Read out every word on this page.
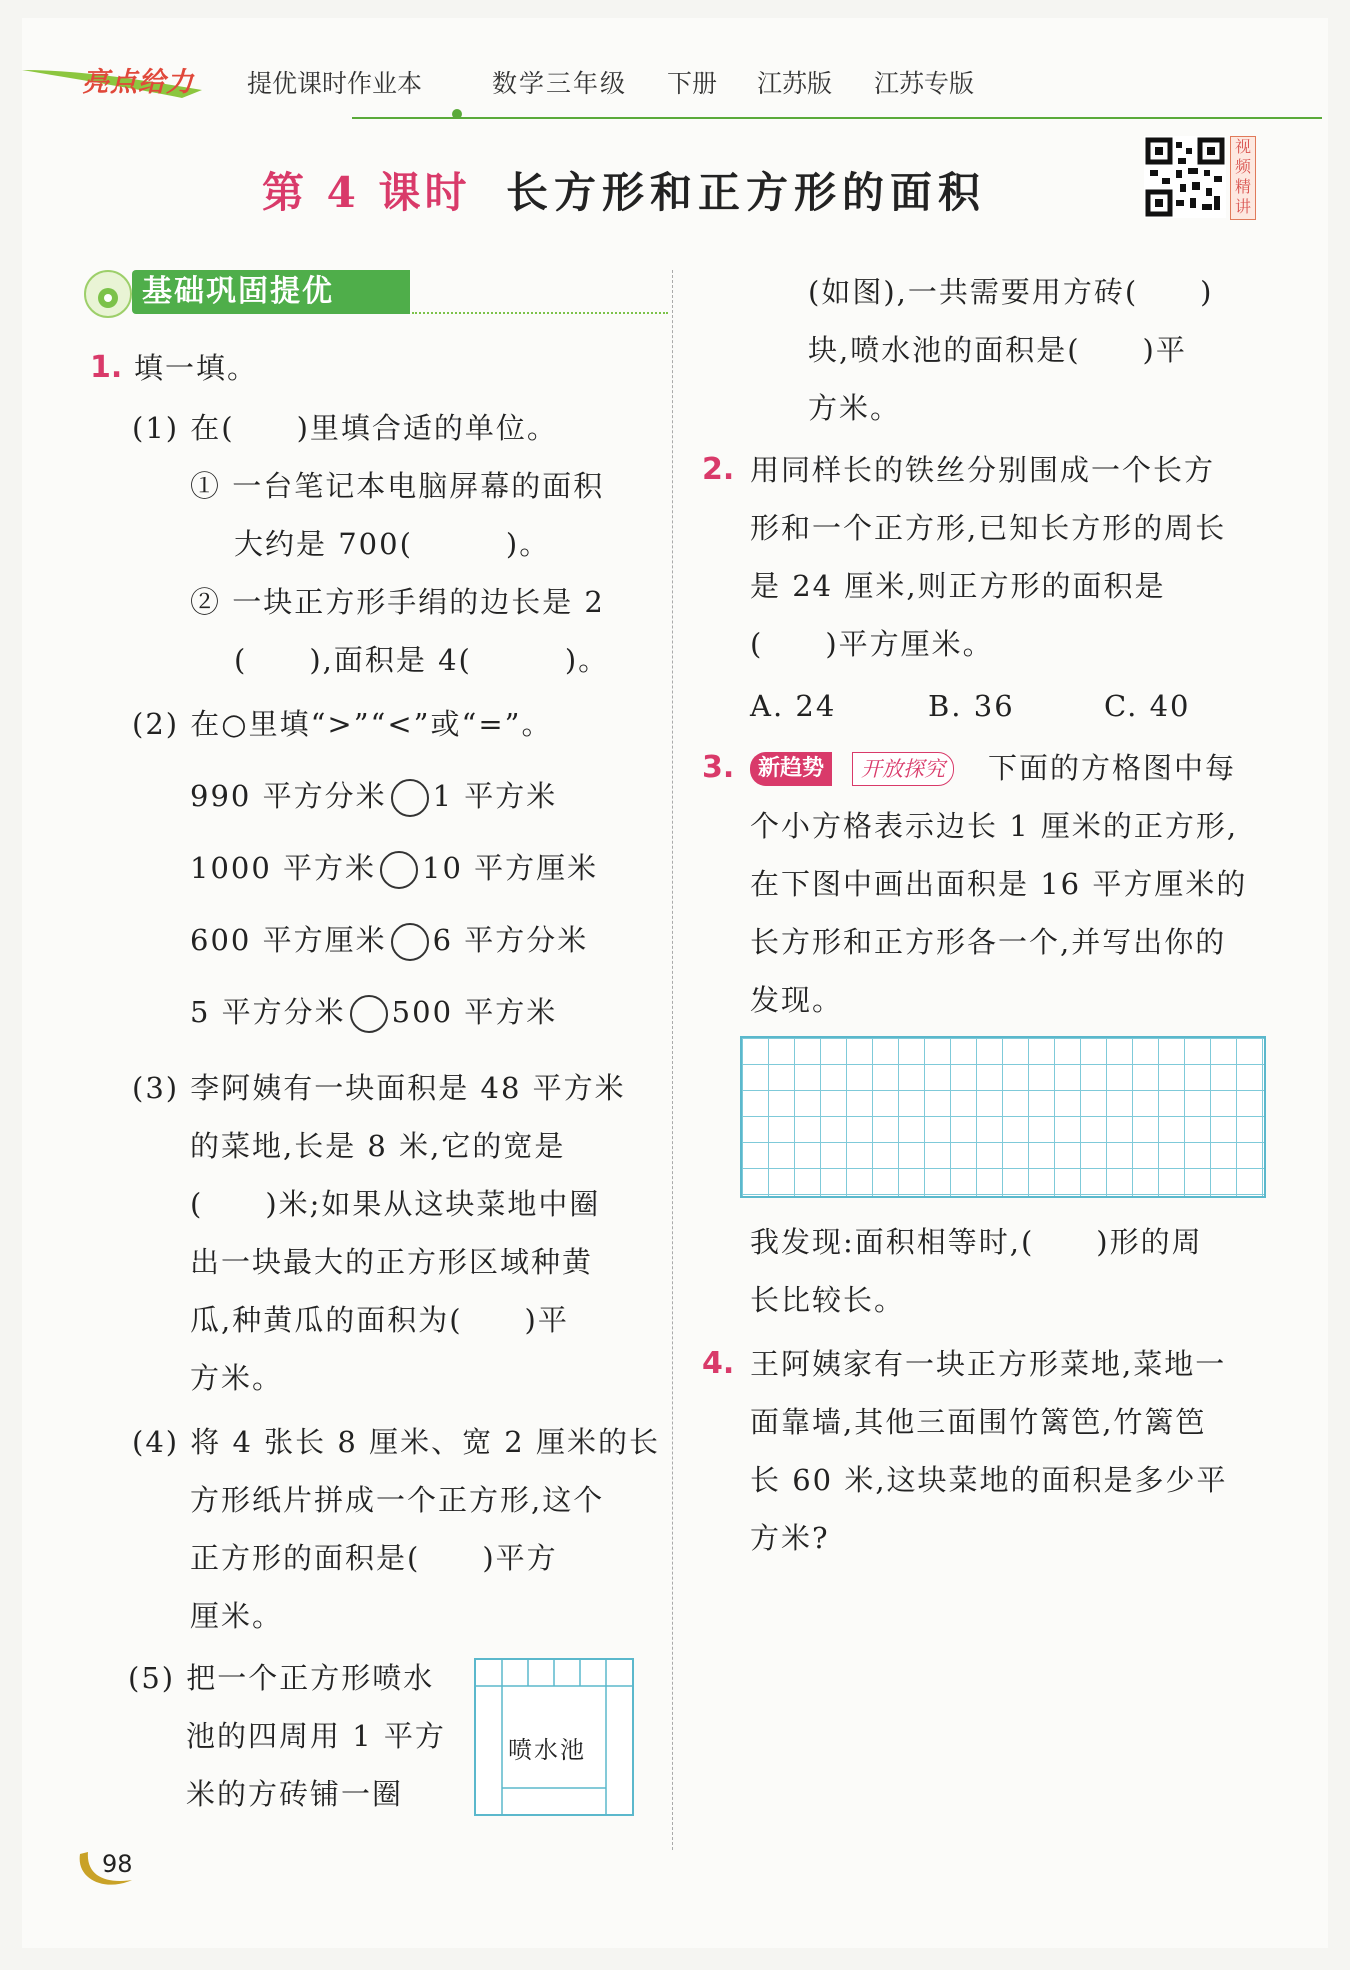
亮点给力 提优课时作业本	数学三年级 下册 江苏版 江苏专版
第 4 课时 长方形和正方形的面积
视频精讲
基础巩固提优
1. 填一填。
(1) 在(　　)里填合适的单位。
① 一台笔记本电脑屏幕的面积
大约是 700(　　　)。
② 一块正方形手绢的边长是 2
(　　),面积是 4(　　　)。
(2) 在○里填“>”“<”或“=”。
990 平方分米 1 平方米
1000 平方米 10 平方厘米
600 平方厘米 6 平方分米
5 平方分米 500 平方米
(3) 李阿姨有一块面积是 48 平方米
的菜地,长是 8 米,它的宽是
(　　)米;如果从这块菜地中圈
出一块最大的正方形区域种黄
瓜,种黄瓜的面积为(　　)平
方米。
(4) 将 4 张长 8 厘米、宽 2 厘米的长
方形纸片拼成一个正方形,这个
正方形的面积是(　　)平方
厘米。
(5) 把一个正方形喷水
池的四周用 1 平方
米的方砖铺一圈
喷水池
(如图),一共需要用方砖(　　)
块,喷水池的面积是(　　)平
方米。
2. 用同样长的铁丝分别围成一个长方
形和一个正方形,已知长方形的周长
是 24 厘米,则正方形的面积是
(　　)平方厘米。
A. 24	B. 36	C. 40
3.	新趋势	开放探究	下面的方格图中每
个小方格表示边长 1 厘米的正方形,
在下图中画出面积是 16 平方厘米的
长方形和正方形各一个,并写出你的
发现。
我发现:面积相等时,(　　)形的周
长比较长。
4. 王阿姨家有一块正方形菜地,菜地一
面靠墙,其他三面围竹篱笆,竹篱笆
长 60 米,这块菜地的面积是多少平
方米?
98
